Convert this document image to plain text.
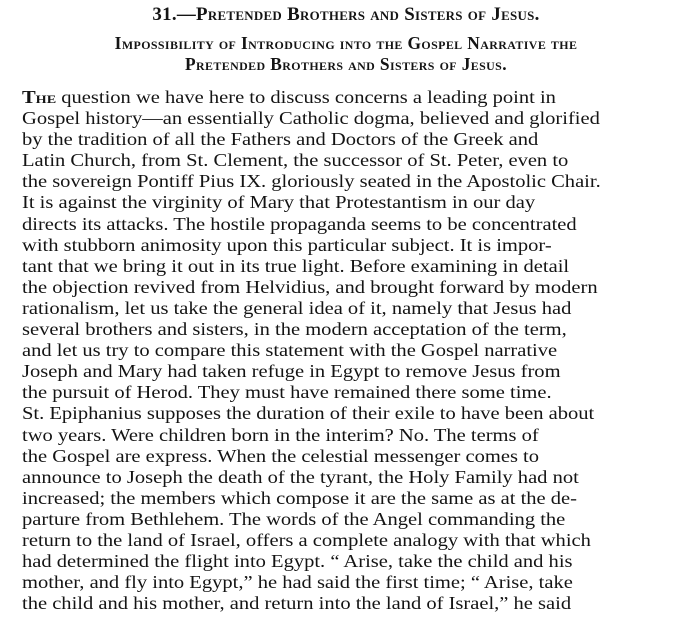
31.—Pretended Brothers and Sisters of Jesus.
Impossibility of Introducing into the Gospel Narrative the
Pretended Brothers and Sisters of Jesus.
The question we have here to discuss concerns a leading point in
Gospel history—an essentially Catholic dogma, believed and glorified
by the tradition of all the Fathers and Doctors of the Greek and
Latin Church, from St. Clement, the successor of St. Peter, even to
the sovereign Pontiff Pius IX. gloriously seated in the Apostolic Chair.
It is against the virginity of Mary that Protestantism in our day
directs its attacks. The hostile propaganda seems to be concentrated
with stubborn animosity upon this particular subject. It is impor-
tant that we bring it out in its true light. Before examining in detail
the objection revived from Helvidius, and brought forward by modern
rationalism, let us take the general idea of it, namely that Jesus had
several brothers and sisters, in the modern acceptation of the term,
and let us try to compare this statement with the Gospel narrative
Joseph and Mary had taken refuge in Egypt to remove Jesus from
the pursuit of Herod. They must have remained there some time.
St. Epiphanius supposes the duration of their exile to have been about
two years. Were children born in the interim? No. The terms of
the Gospel are express. When the celestial messenger comes to
announce to Joseph the death of the tyrant, the Holy Family had not
increased; the members which compose it are the same as at the de-
parture from Bethlehem. The words of the Angel commanding the
return to the land of Israel, offers a complete analogy with that which
had determined the flight into Egypt. “ Arise, take the child and his
mother, and fly into Egypt,” he had said the first time; “ Arise, take
the child and his mother, and return into the land of Israel,” he said
